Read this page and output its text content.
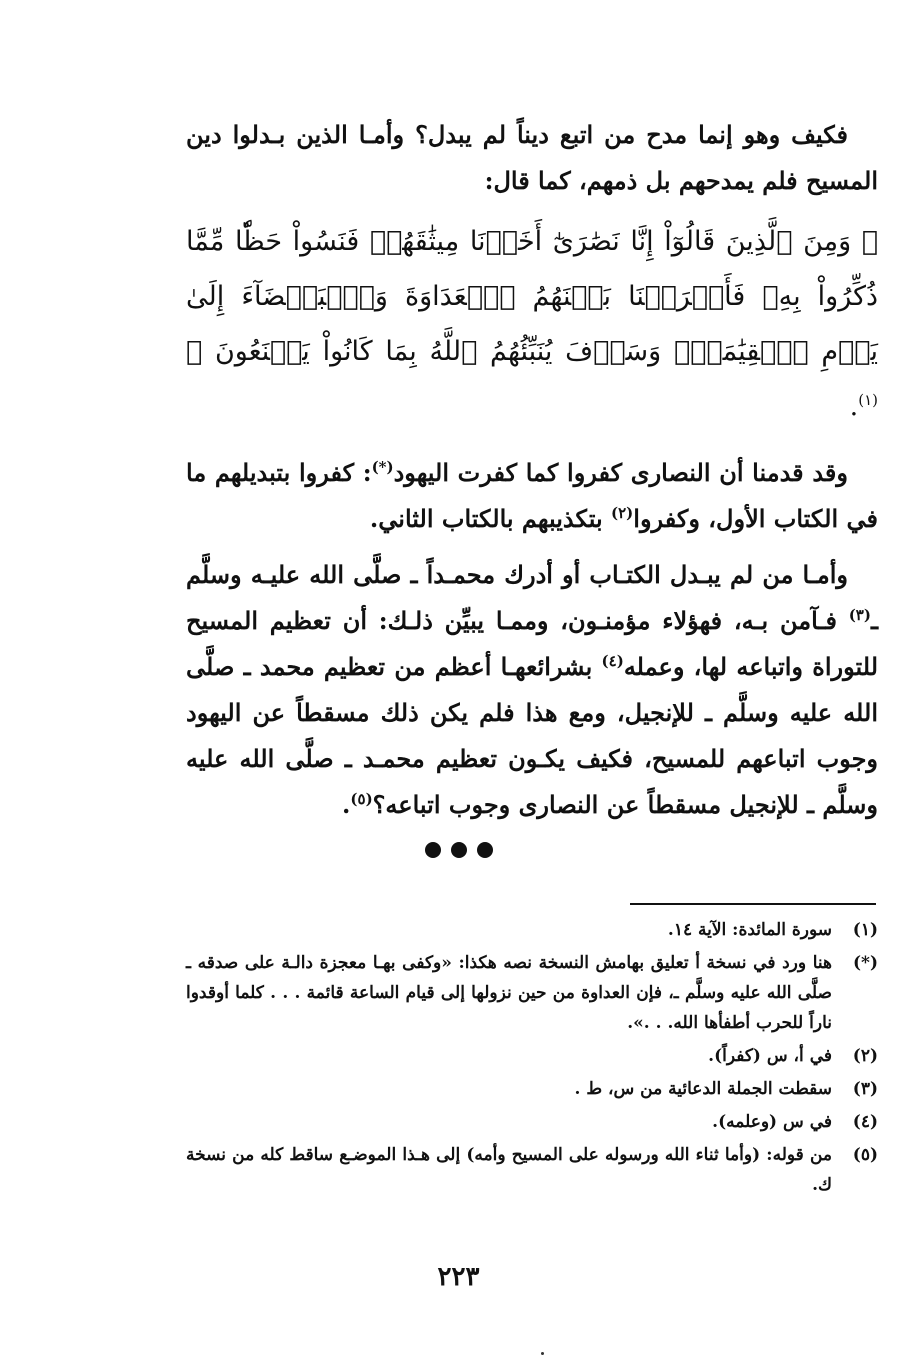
فكيف وهو إنما مدح من اتبع ديناً لم يبدل؟ وأمـا الذين بـدلوا دين المسيح فلم يمدحهم بل ذمهم، كما قال:

﴿ وَمِنَ ٱلَّذِينَ قَالُوٓاْ إِنَّا نَصَٰرَىٰٓ أَخَذۡنَا مِيثَٰقَهُمۡ فَنَسُواْ حَظّٗا مِّمَّا ذُكِّرُواْ بِهِۦ فَأَغۡرَيۡنَا بَيۡنَهُمُ ٱلۡعَدَاوَةَ وَٱلۡبَغۡضَآءَ إِلَىٰ يَوۡمِ ٱلۡقِيَٰمَةِۚ وَسَوۡفَ يُنَبِّئُهُمُ ٱللَّهُ بِمَا كَانُواْ يَصۡنَعُونَ ﴾ $^{(١)}$.

وقد قدمنا أن النصارى كفروا كما كفرت اليهود(*): كفروا بتبديلهم ما في الكتاب الأول، وكفروا$^{(٢)}$ بتكذيبهم بالكتاب الثاني.

وأمـا من لم يبـدل الكتـاب أو أدرك محمـداً ـ صلَّى الله عليـه وسلَّم ـ$^{(٣)}$ فـآمن بـه، فهؤلاء مؤمنـون، وممـا يبيِّن ذلـك: أن تعظيم المسيح للتوراة واتباعه لها، وعمله$^{(٤)}$ بشرائعهـا أعظم من تعظيم محمد ـ صلَّى الله عليه وسلَّم ـ للإنجيل، ومع هذا فلم يكن ذلك مسقطاً عن اليهود وجوب اتباعهم للمسيح، فكيف يكـون تعظيم محمـد ـ صلَّى الله عليه وسلَّم ـ للإنجيل مسقطاً عن النصارى وجوب اتباعه؟$^{(٥)}$.

(١)
سورة المائدة: الآية ١٤.
(*)
هنا ورد في نسخة أ تعليق بهامش النسخة نصه هكذا: «وكفى بهـا معجزة دالـة على صدقه ـ صلَّى الله عليه وسلَّم ـ، فإن العداوة من حين نزولها إلى قيام الساعة قائمة . . . كلما أوقدوا ناراً للحرب أطفأها الله. . .».
(٢)
في أ، س (كفراً).
(٣)
سقطت الجملة الدعائية من س، ط .
(٤)
في س (وعلمه).
(٥)
من قوله: (وأما ثناء الله ورسوله على المسيح وأمه) إلى هـذا الموضـع ساقط كله من نسخة ك.
٢٢٣
